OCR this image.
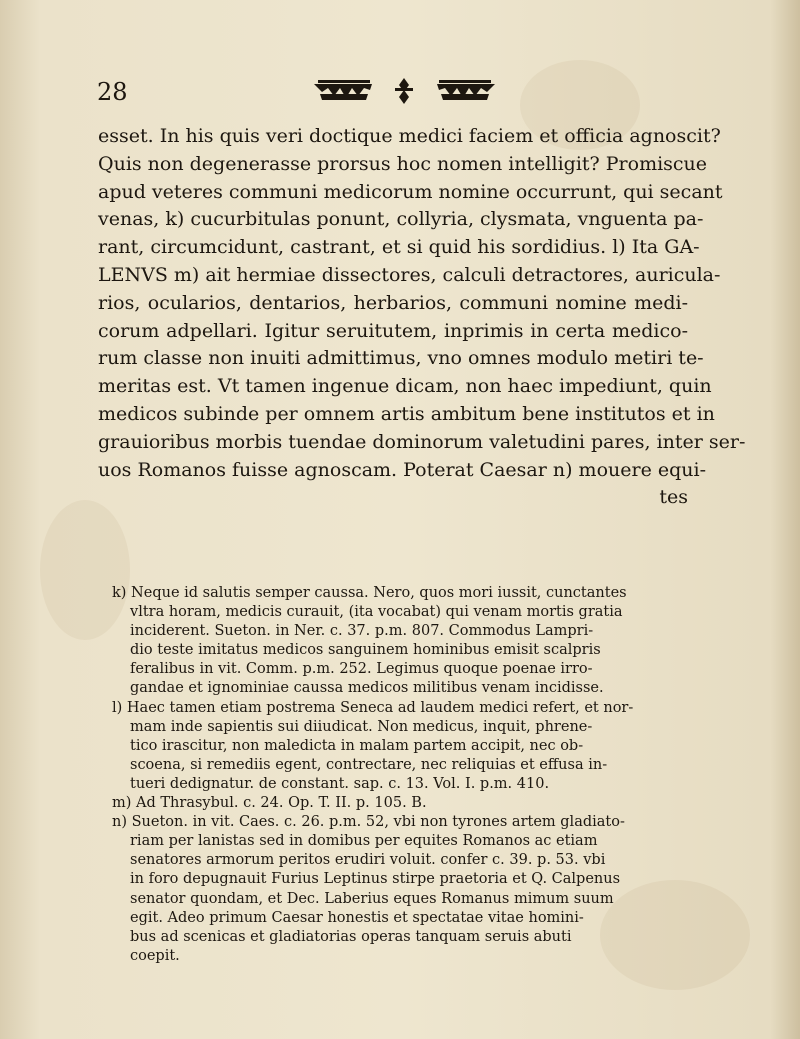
28
esset. In his quis veri doctique medici faciem et officia agnoscit?
Quis non degenerasse prorsus hoc nomen intelligit? Promiscue
apud veteres communi medicorum nomine occurrunt, qui secant
venas, k) cucurbitulas ponunt, collyria, clysmata, vnguenta pa-
rant, circumcidunt, castrant, et si quid his sordidius. l) Ita GA-
LENVS m) ait hermiae dissectores, calculi detractores, auricula-
rios, ocularios, dentarios, herbarios, communi nomine medi-
corum adpellari. Igitur seruitutem, inprimis in certa medico-
rum classe non inuiti admittimus, vno omnes modulo metiri te-
meritas est. Vt tamen ingenue dicam, non haec impediunt, quin
medicos subinde per omnem artis ambitum bene institutos et in
grauioribus morbis tuendae dominorum valetudini pares, inter ser-
uos Romanos fuisse agnoscam. Poterat Caesar n) mouere equi-
tes
k) Neque id salutis semper caussa. Nero, quos mori iussit, cunctantes
vltra horam, medicis curauit, (ita vocabat) qui venam mortis gratia
inciderent. Sueton. in Ner. c. 37. p.m. 807. Commodus Lampri-
dio teste imitatus medicos sanguinem hominibus emisit scalpris
feralibus in vit. Comm. p.m. 252. Legimus quoque poenae irro-
gandae et ignominiae caussa medicos militibus venam incidisse.
l) Haec tamen etiam postrema Seneca ad laudem medici refert, et nor-
mam inde sapientis sui diiudicat. Non medicus, inquit, phrene-
tico irascitur, non maledicta in malam partem accipit, nec ob-
scoena, si remediis egent, contrectare, nec reliquias et effusa in-
tueri dedignatur. de constant. sap. c. 13. Vol. I. p.m. 410.
m) Ad Thrasybul. c. 24. Op. T. II. p. 105. B.
n) Sueton. in vit. Caes. c. 26. p.m. 52, vbi non tyrones artem gladiato-
riam per lanistas sed in domibus per equites Romanos ac etiam
senatores armorum peritos erudiri voluit. confer c. 39. p. 53. vbi
in foro depugnauit Furius Leptinus stirpe praetoria et Q. Calpenus
senator quondam, et Dec. Laberius eques Romanus mimum suum
egit. Adeo primum Caesar honestis et spectatae vitae homini-
bus ad scenicas et gladiatorias operas tanquam seruis abuti
coepit.
